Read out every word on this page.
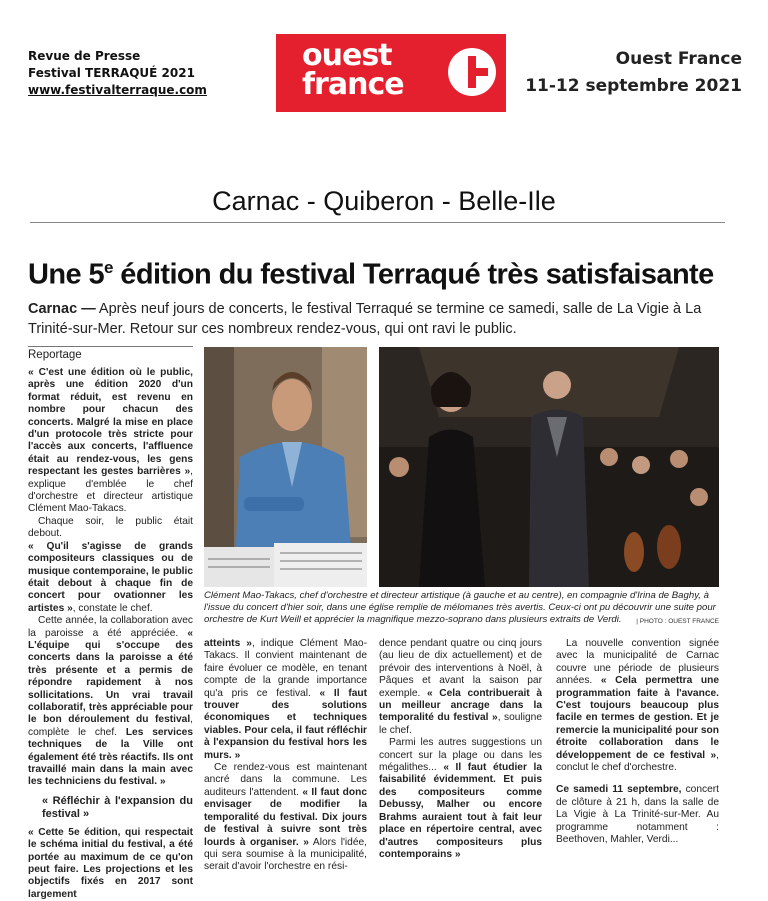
Revue de Presse
Festival TERRAQUÉ 2021
www.festivalterraque.com
ouest
france
Ouest France
11-12 septembre 2021
Carnac - Quiberon - Belle-Ile
Une 5e édition du festival Terraqué très satisfaisante
Carnac — Après neuf jours de concerts, le festival Terraqué se termine ce samedi, salle de La Vigie à La Trinité-sur-Mer. Retour sur ces nombreux rendez-vous, qui ont ravi le public.
Reportage

« C'est une édition où le public, après une édition 2020 d'un format réduit, est revenu en nombre pour chacun des concerts. Malgré la mise en place d'un protocole très stricte pour l'accès aux concerts, l'affluence était au rendez-vous, les gens respectant les gestes barrières », explique d'emblée le chef d'orchestre et directeur artistique Clément Mao-Takacs.

Chaque soir, le public était debout.

« Qu'il s'agisse de grands compositeurs classiques ou de musique contemporaine, le public était debout à chaque fin de concert pour ovationner les artistes », constate le chef.

Cette année, la collaboration avec la paroisse a été appréciée. « L'équipe qui s'occupe des concerts dans la paroisse a été très présente et a permis de répondre rapidement à nos sollicitations. Un vrai travail collaboratif, très appréciable pour le bon déroulement du festival, complète le chef. Les services techniques de la Ville ont également été très réactifs. Ils ont travaillé main dans la main avec les techniciens du festival. »

« Réfléchir à l'expansion du festival »

« Cette 5e édition, qui respectait le schéma initial du festival, a été portée au maximum de ce qu'on peut faire. Les projections et les objectifs fixés en 2017 sont largement

Clément Mao-Takacs, chef d'orchestre et directeur artistique (à gauche et au centre), en compagnie d'Irina de Baghy, à l'issue du concert d'hier soir, dans une église remplie de mélomanes très avertis. Ceux-ci ont pu découvrir une suite pour orchestre de Kurt Weill et apprécier la magnifique mezzo-soprano dans plusieurs extraits de Verdi. | PHOTO : OUEST FRANCE

atteints », indique Clément Mao-Takacs. Il convient maintenant de faire évoluer ce modèle, en tenant compte de la grande importance qu'a pris ce festival. « Il faut trouver des solutions économiques et techniques viables. Pour cela, il faut réfléchir à l'expansion du festival hors les murs. »

Ce rendez-vous est maintenant ancré dans la commune. Les auditeurs l'attendent. « Il faut donc envisager de modifier la temporalité du festival. Dix jours de festival à suivre sont très lourds à organiser. » Alors l'idée, qui sera soumise à la municipalité, serait d'avoir l'orchestre en rési-

dence pendant quatre ou cinq jours (au lieu de dix actuellement) et de prévoir des interventions à Noël, à Pâques et avant la saison par exemple. « Cela contribuerait à un meilleur ancrage dans la temporalité du festival », souligne le chef.

Parmi les autres suggestions un concert sur la plage ou dans les mégalithes... « Il faut étudier la faisabilité évidemment. Et puis des compositeurs comme Debussy, Malher ou encore Brahms auraient tout à fait leur place en répertoire central, avec d'autres compositeurs plus contemporains »

La nouvelle convention signée avec la municipalité de Carnac couvre une période de plusieurs années. « Cela permettra une programmation faite à l'avance. C'est toujours beaucoup plus facile en termes de gestion. Et je remercie la municipalité pour son étroite collaboration dans le développement de ce festival », conclut le chef d'orchestre.

Ce samedi 11 septembre, concert de clôture à 21 h, dans la salle de La Vigie à La Trinité-sur-Mer. Au programme notamment : Beethoven, Mahler, Verdi...
